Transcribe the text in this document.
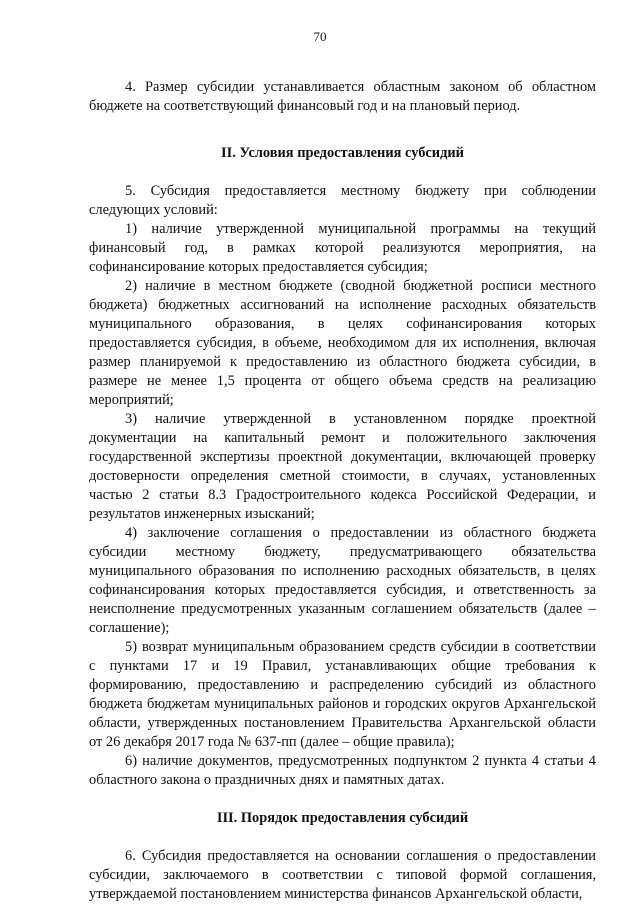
70

4. Размер субсидии устанавливается областным законом об областном бюджете на соответствующий финансовый год и на плановый период.

II. Условия предоставления субсидий

5. Субсидия предоставляется местному бюджету при соблюдении следующих условий:

1) наличие утвержденной муниципальной программы на текущий финансовый год, в рамках которой реализуются мероприятия, на софинансирование которых предоставляется субсидия;

2) наличие в местном бюджете (сводной бюджетной росписи местного бюджета) бюджетных ассигнований на исполнение расходных обязательств муниципального образования, в целях софинансирования которых предоставляется субсидия, в объеме, необходимом для их исполнения, включая размер планируемой к предоставлению из областного бюджета субсидии, в размере не менее 1,5 процента от общего объема средств на реализацию мероприятий;

3) наличие утвержденной в установленном порядке проектной документации на капитальный ремонт и положительного заключения государственной экспертизы проектной документации, включающей проверку достоверности определения сметной стоимости, в случаях, установленных частью 2 статьи 8.3 Градостроительного кодекса Российской Федерации, и результатов инженерных изысканий;

4) заключение соглашения о предоставлении из областного бюджета субсидии местному бюджету, предусматривающего обязательства муниципального образования по исполнению расходных обязательств, в целях софинансирования которых предоставляется субсидия, и ответственность за неисполнение предусмотренных указанным соглашением обязательств (далее – соглашение);

5) возврат муниципальным образованием средств субсидии в соответствии с пунктами 17 и 19 Правил, устанавливающих общие требования к формированию, предоставлению и распределению субсидий из областного бюджета бюджетам муниципальных районов и городских округов Архангельской области, утвержденных постановлением Правительства Архангельской области от 26 декабря 2017 года № 637-пп (далее – общие правила);

6) наличие документов, предусмотренных подпунктом 2 пункта 4 статьи 4 областного закона о праздничных днях и памятных датах.

III. Порядок предоставления субсидий

6. Субсидия предоставляется на основании соглашения о предоставлении субсидии, заключаемого в соответствии с типовой формой соглашения, утверждаемой постановлением министерства финансов Архангельской области,
